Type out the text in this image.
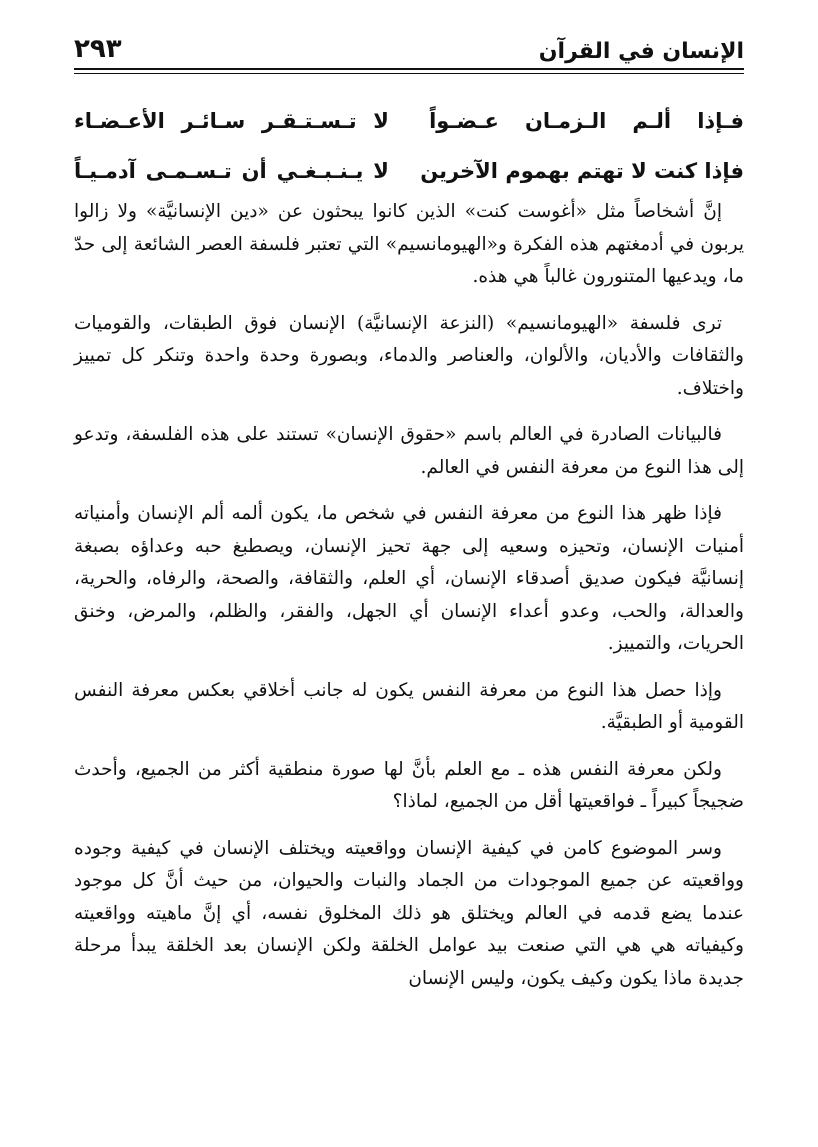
الإنسان في القرآن
٢٩٣
فـإذا ألـم الـزمـان عـضـواً
لا تـسـتـقـر سـائـر الأعـضـاء
فإذا كنت لا تهتم بهموم الآخرين
لا يـنـبـغـي أن تـسـمـى آدمـيـاً

إنَّ أشخاصاً مثل «أغوست كنت» الذين كانوا يبحثون عن «دين الإنسانيَّة» ولا زالوا يربون في أدمغتهم هذه الفكرة و«الهيومانسيم» التي تعتبر فلسفة العصر الشائعة إلى حدّ ما، ويدعيها المتنورون غالباً هي هذه.

ترى فلسفة «الهيومانسيم» (النزعة الإنسانيَّة) الإنسان فوق الطبقات، والقوميات والثقافات والأديان، والألوان، والعناصر والدماء، وبصورة وحدة واحدة وتنكر كل تمييز واختلاف.

فالبيانات الصادرة في العالم باسم «حقوق الإنسان» تستند على هذه الفلسفة، وتدعو إلى هذا النوع من معرفة النفس في العالم.

فإذا ظهر هذا النوع من معرفة النفس في شخص ما، يكون ألمه ألم الإنسان وأمنياته أمنيات الإنسان، وتحيزه وسعيه إلى جهة تحيز الإنسان، ويصطبغ حبه وعداؤه بصبغة إنسانيَّة فيكون صديق أصدقاء الإنسان، أي العلم، والثقافة، والصحة، والرفاه، والحرية، والعدالة، والحب، وعدو أعداء الإنسان أي الجهل، والفقر، والظلم، والمرض، وخنق الحريات، والتمييز.

وإذا حصل هذا النوع من معرفة النفس يكون له جانب أخلاقي بعكس معرفة النفس القومية أو الطبقيَّة.

ولكن معرفة النفس هذه ـ مع العلم بأنَّ لها صورة منطقية أكثر من الجميع، وأحدث ضجيجاً كبيراً ـ فواقعيتها أقل من الجميع، لماذا؟

وسر الموضوع كامن في كيفية الإنسان وواقعيته ويختلف الإنسان في كيفية وجوده وواقعيته عن جميع الموجودات من الجماد والنبات والحيوان، من حيث أنَّ كل موجود عندما يضع قدمه في العالم ويختلق هو ذلك المخلوق نفسه، أي إنَّ ماهيته وواقعيته وكيفياته هي هي التي صنعت بيد عوامل الخلقة ولكن الإنسان بعد الخلقة يبدأ مرحلة جديدة ماذا يكون وكيف يكون، وليس الإنسان
